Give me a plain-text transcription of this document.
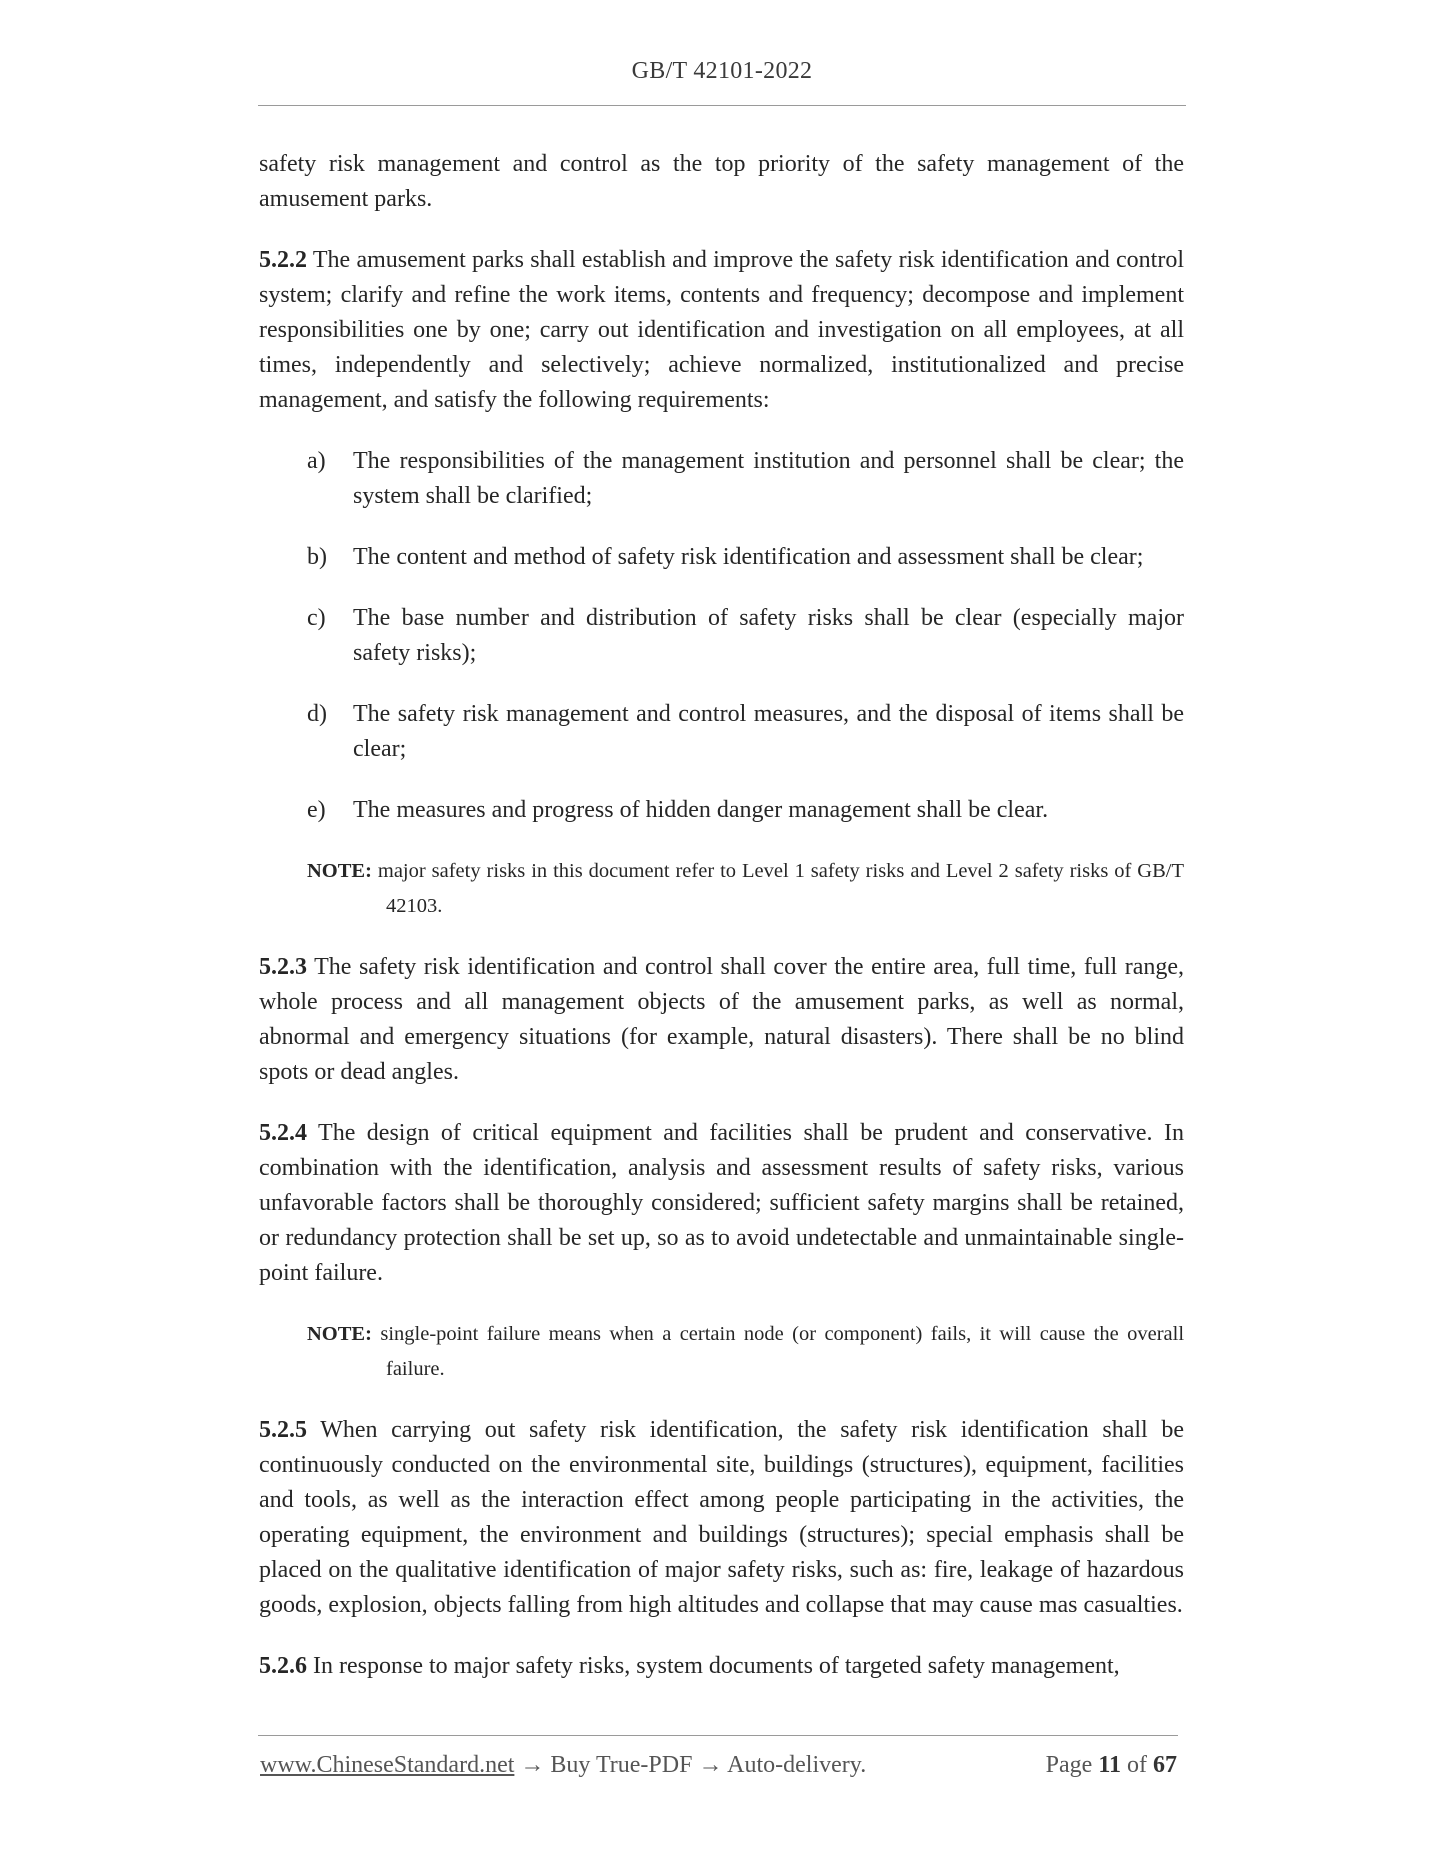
GB/T 42101-2022

safety risk management and control as the top priority of the safety management of the amusement parks.

5.2.2 The amusement parks shall establish and improve the safety risk identification and control system; clarify and refine the work items, contents and frequency; decompose and implement responsibilities one by one; carry out identification and investigation on all employees, at all times, independently and selectively; achieve normalized, institutionalized and precise management, and satisfy the following requirements:

a)	The responsibilities of the management institution and personnel shall be clear; the system shall be clarified;
b)	The content and method of safety risk identification and assessment shall be clear;
c)	The base number and distribution of safety risks shall be clear (especially major safety risks);
d)	The safety risk management and control measures, and the disposal of items shall be clear;
e)	The measures and progress of hidden danger management shall be clear.
NOTE: major safety risks in this document refer to Level 1 safety risks and Level 2 safety risks of GB/T 42103.

5.2.3 The safety risk identification and control shall cover the entire area, full time, full range, whole process and all management objects of the amusement parks, as well as normal, abnormal and emergency situations (for example, natural disasters). There shall be no blind spots or dead angles.

5.2.4 The design of critical equipment and facilities shall be prudent and conservative. In combination with the identification, analysis and assessment results of safety risks, various unfavorable factors shall be thoroughly considered; sufficient safety margins shall be retained, or redundancy protection shall be set up, so as to avoid undetectable and unmaintainable single-point failure.

NOTE: single-point failure means when a certain node (or component) fails, it will cause the overall failure.

5.2.5 When carrying out safety risk identification, the safety risk identification shall be continuously conducted on the environmental site, buildings (structures), equipment, facilities and tools, as well as the interaction effect among people participating in the activities, the operating equipment, the environment and buildings (structures); special emphasis shall be placed on the qualitative identification of major safety risks, such as: fire, leakage of hazardous goods, explosion, objects falling from high altitudes and collapse that may cause mas casualties.

5.2.6 In response to major safety risks, system documents of targeted safety management,

www.ChineseStandard.net → Buy True-PDF → Auto-delivery.	Page 11 of 67
